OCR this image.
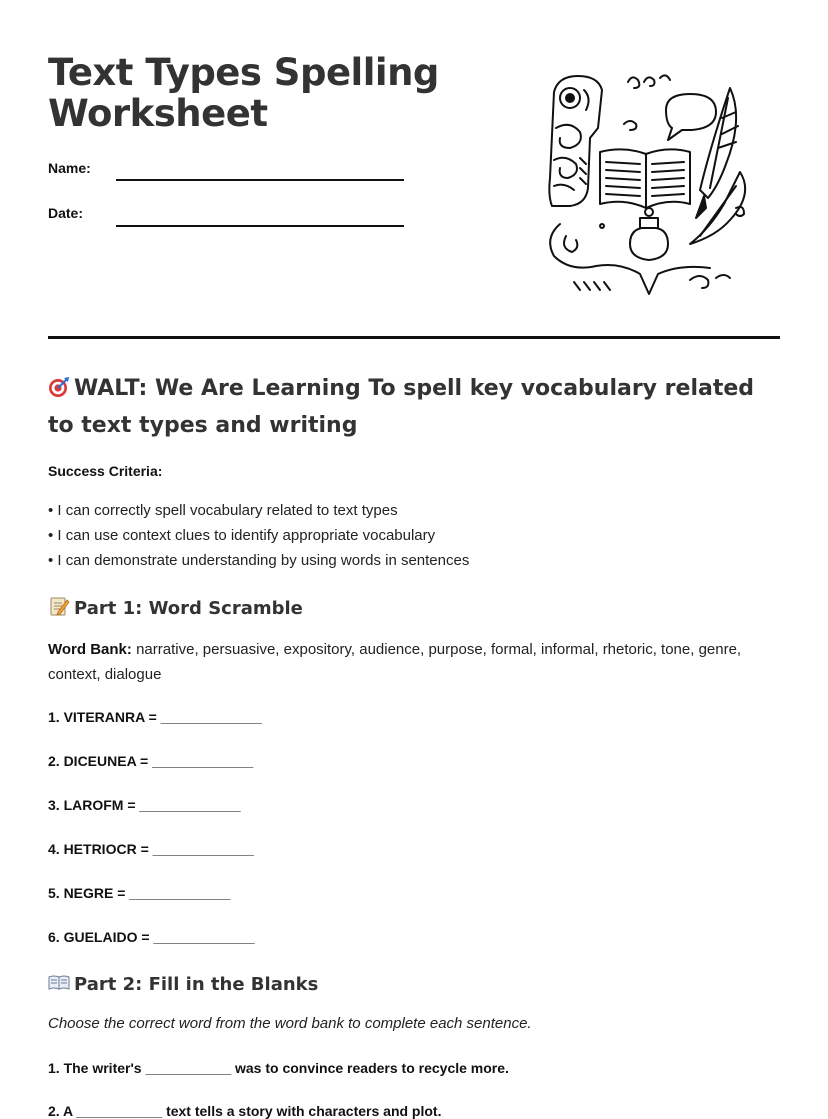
Text Types Spelling
Worksheet
Name:
Date:
WALT: We Are Learning To spell key vocabulary related to text types and writing
Success Criteria:
• I can correctly spell vocabulary related to text types
• I can use context clues to identify appropriate vocabulary
• I can demonstrate understanding by using words in sentences
Part 1: Word Scramble
Word Bank: narrative, persuasive, expository, audience, purpose, formal, informal, rhetoric, tone, genre, context, dialogue
1. VITERANRA = _____________
2. DICEUNEA = _____________
3. LAROFM = _____________
4. HETRIOCR = _____________
5. NEGRE = _____________
6. GUELAIDO = _____________
Part 2: Fill in the Blanks
Choose the correct word from the word bank to complete each sentence.
1. The writer's ___________ was to convince readers to recycle more.
2. A ___________ text tells a story with characters and plot.
